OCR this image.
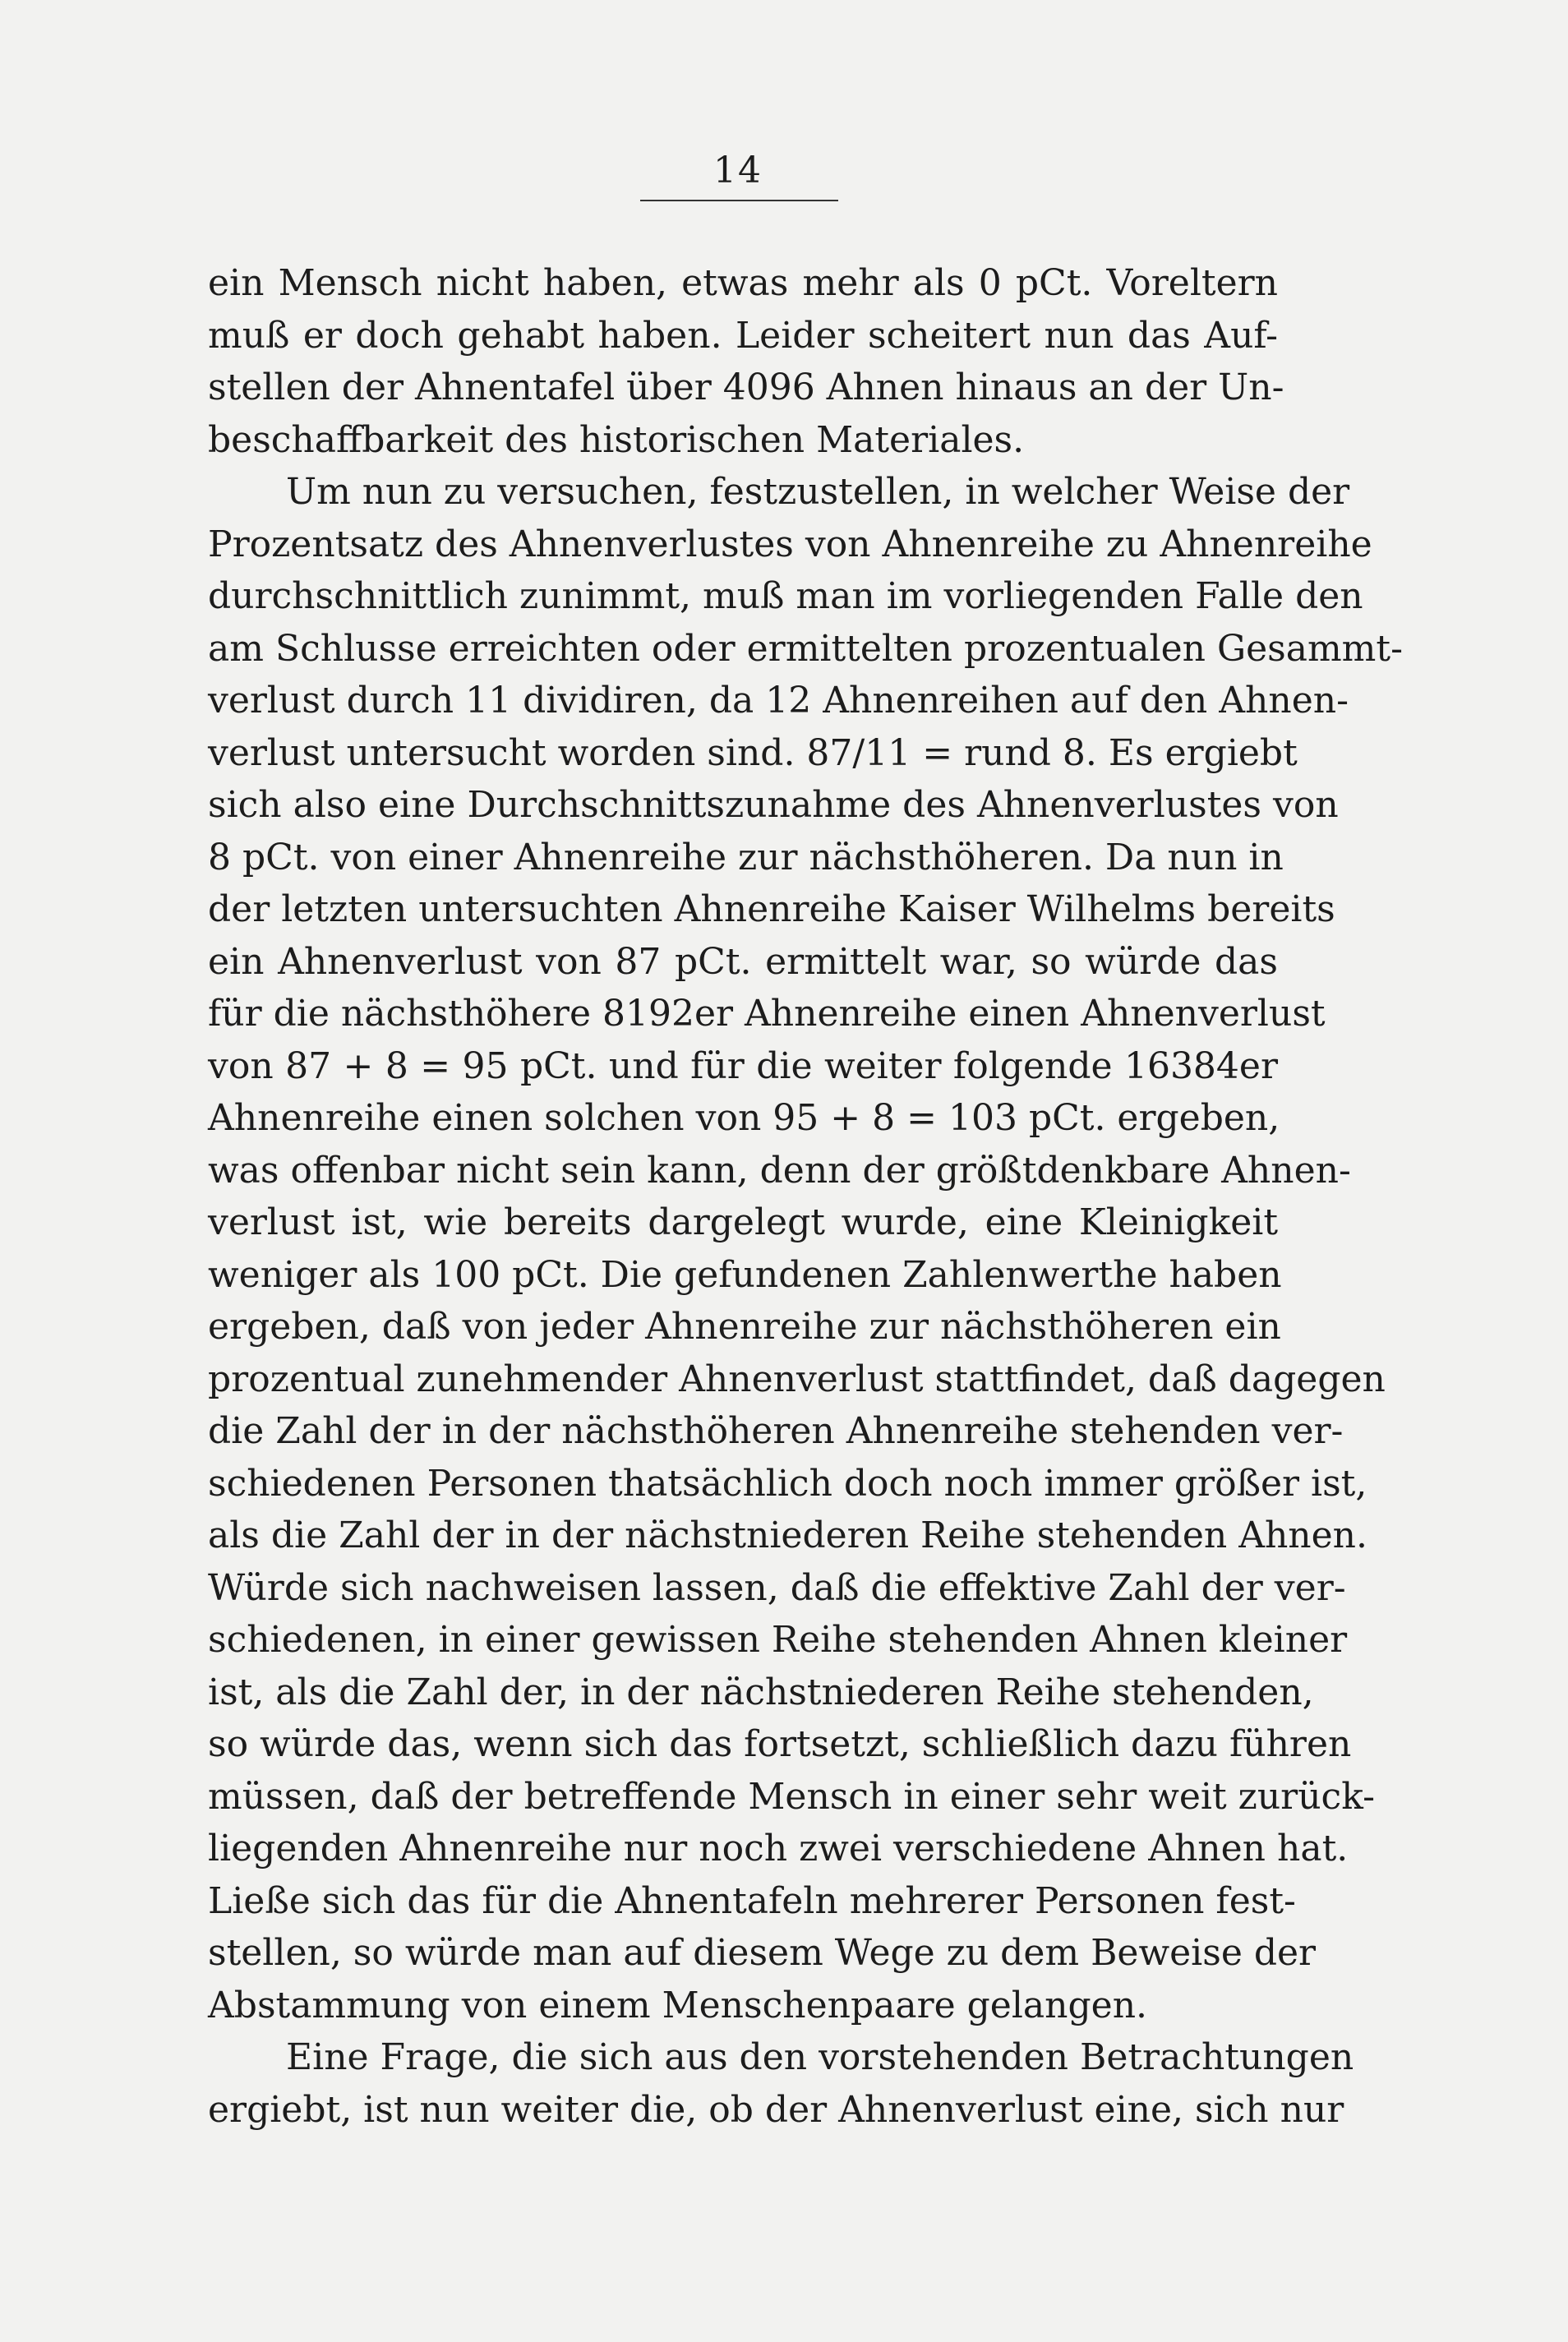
14
ein Mensch nicht haben, etwas mehr als 0 pCt. Voreltern
muß er doch gehabt haben. Leider scheitert nun das Auf-
stellen der Ahnentafel über 4096 Ahnen hinaus an der Un-
beschaffbarkeit des historischen Materiales.
Um nun zu versuchen, festzustellen, in welcher Weise der
Prozentsatz des Ahnenverlustes von Ahnenreihe zu Ahnenreihe
durchschnittlich zunimmt, muß man im vorliegenden Falle den
am Schlusse erreichten oder ermittelten prozentualen Gesammt-
verlust durch 11 dividiren, da 12 Ahnenreihen auf den Ahnen-
verlust untersucht worden sind. 87/11 = rund 8. Es ergiebt
sich also eine Durchschnittszunahme des Ahnenverlustes von
8 pCt. von einer Ahnenreihe zur nächsthöheren. Da nun in
der letzten untersuchten Ahnenreihe Kaiser Wilhelms bereits
ein Ahnenverlust von 87 pCt. ermittelt war, so würde das
für die nächsthöhere 8192er Ahnenreihe einen Ahnenverlust
von 87 + 8 = 95 pCt. und für die weiter folgende 16384er
Ahnenreihe einen solchen von 95 + 8 = 103 pCt. ergeben,
was offenbar nicht sein kann, denn der größtdenkbare Ahnen-
verlust ist, wie bereits dargelegt wurde, eine Kleinigkeit
weniger als 100 pCt. Die gefundenen Zahlenwerthe haben
ergeben, daß von jeder Ahnenreihe zur nächsthöheren ein
prozentual zunehmender Ahnenverlust stattfindet, daß dagegen
die Zahl der in der nächsthöheren Ahnenreihe stehenden ver-
schiedenen Personen thatsächlich doch noch immer größer ist,
als die Zahl der in der nächstniederen Reihe stehenden Ahnen.
Würde sich nachweisen lassen, daß die effektive Zahl der ver-
schiedenen, in einer gewissen Reihe stehenden Ahnen kleiner
ist, als die Zahl der, in der nächstniederen Reihe stehenden,
so würde das, wenn sich das fortsetzt, schließlich dazu führen
müssen, daß der betreffende Mensch in einer sehr weit zurück-
liegenden Ahnenreihe nur noch zwei verschiedene Ahnen hat.
Ließe sich das für die Ahnentafeln mehrerer Personen fest-
stellen, so würde man auf diesem Wege zu dem Beweise der
Abstammung von einem Menschenpaare gelangen.
Eine Frage, die sich aus den vorstehenden Betrachtungen
ergiebt, ist nun weiter die, ob der Ahnenverlust eine, sich nur
